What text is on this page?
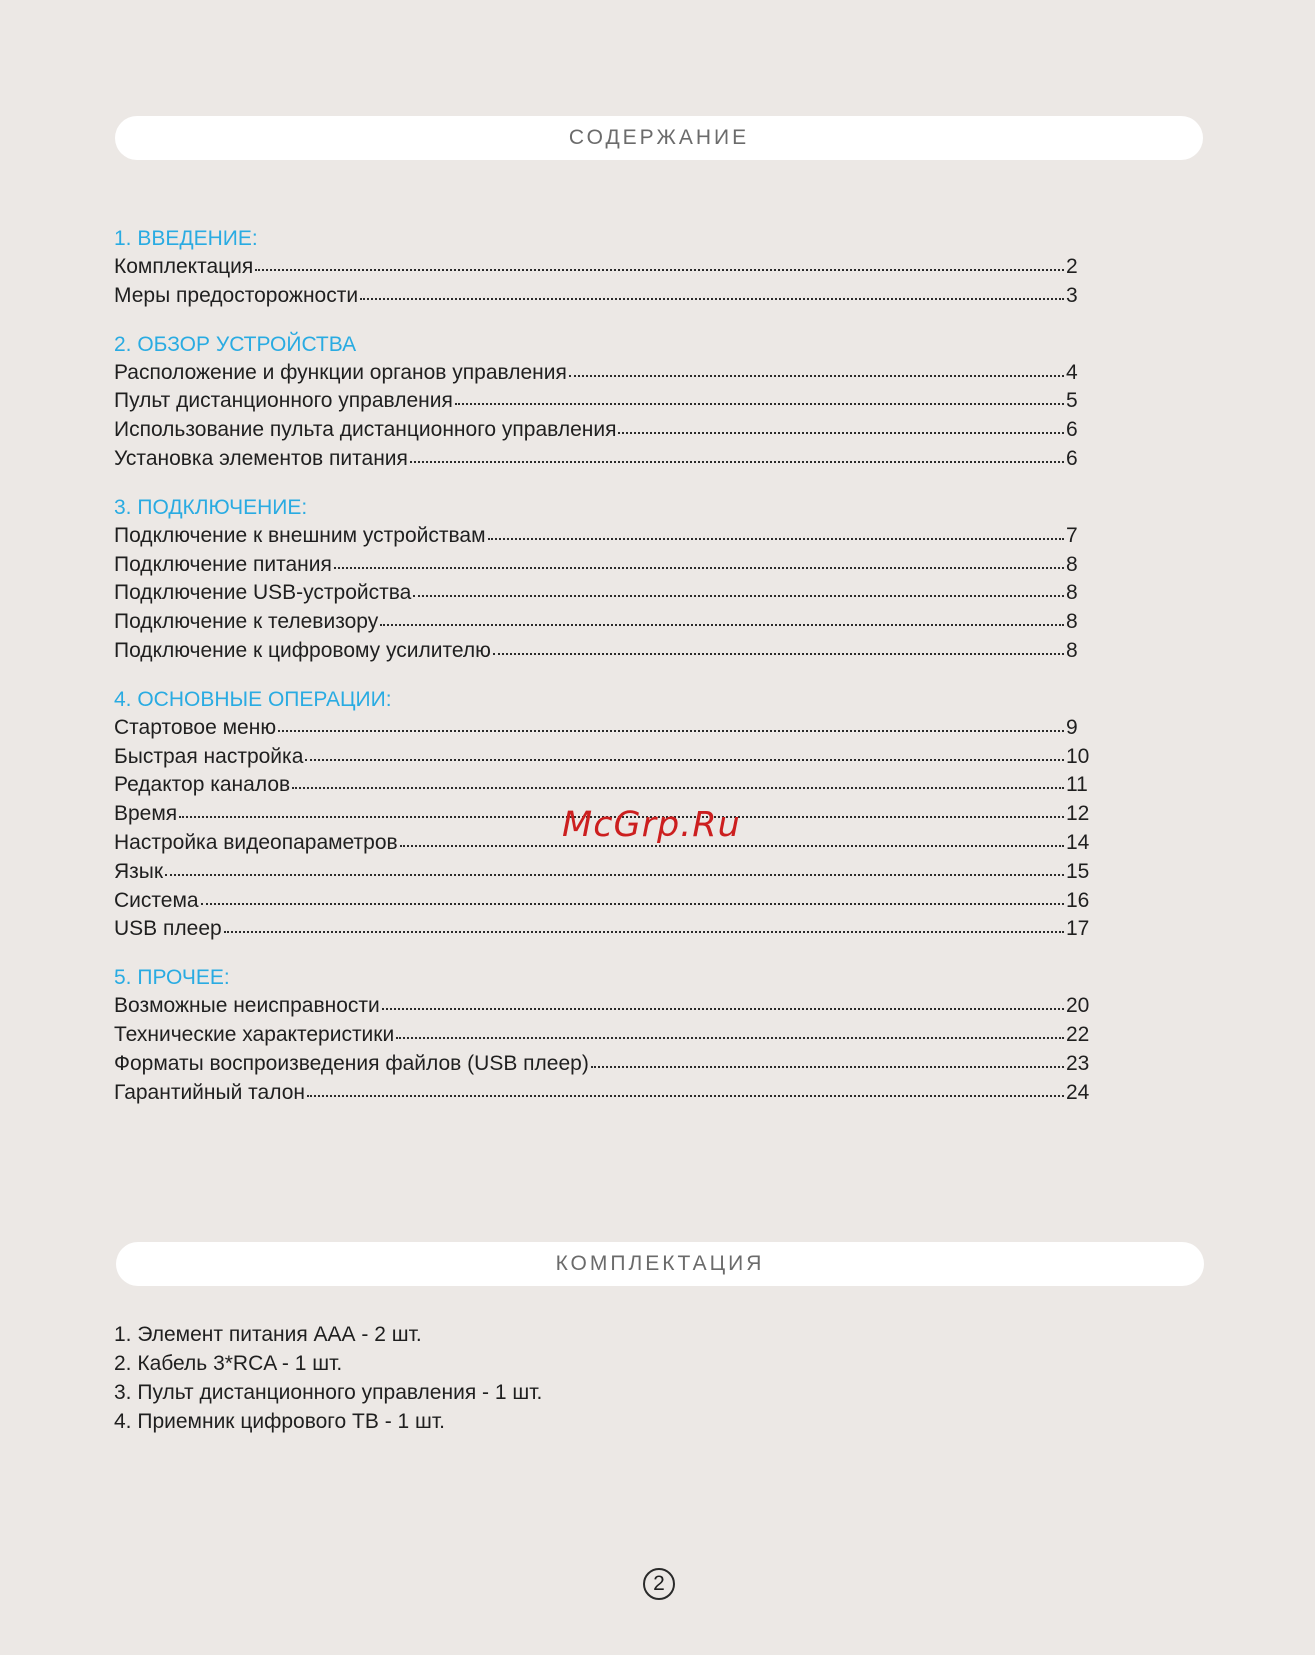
СОДЕРЖАНИЕ
1. ВВЕДЕНИЕ:
Комплектация	2
Меры предосторожности	3
2. ОБЗОР УСТРОЙСТВА
Расположение и функции органов управления	4
Пульт дистанционного управления	5
Использование пульта дистанционного управления	6
Установка элементов питания	6
3. ПОДКЛЮЧЕНИЕ:
Подключение к внешним устройствам	7
Подключение питания	8
Подключение USB-устройства	8
Подключение к телевизору	8
Подключение к цифровому усилителю	8
4. ОСНОВНЫЕ ОПЕРАЦИИ:
Стартовое меню	9
Быстрая настройка	10
Редактор каналов	11
Время	12
Настройка видеопараметров	14
Язык	15
Система	16
USB плеер	17
5. ПРОЧЕЕ:
Возможные неисправности	20
Технические характеристики	22
Форматы воспроизведения файлов (USB плеер)	23
Гарантийный талон	24
McGrp.Ru
КОМПЛЕКТАЦИЯ
1. Элемент питания ААА - 2 шт.
2. Кабель 3*RCA - 1 шт.
3. Пульт дистанционного управления - 1 шт.
4. Приемник цифрового ТВ - 1 шт.
2
